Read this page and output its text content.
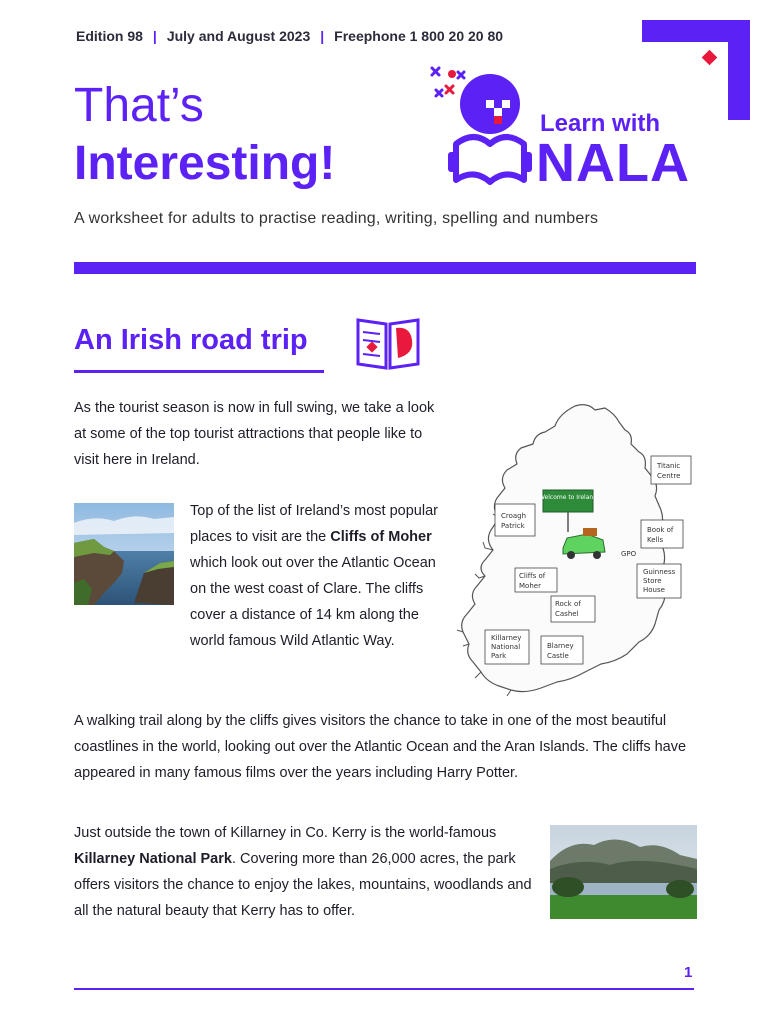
Edition 98 | July and August 2023 | Freephone 1 800 20 20 80
That’s
Interesting!
Learn with
NALA
A worksheet for adults to practise reading, writing, spelling and numbers
An Irish road trip
As the tourist season is now in full swing, we take a look at some of the top tourist attractions that people like to visit here in Ireland.
Top of the list of Ireland’s most popular places to visit are the Cliffs of Moher which look out over the Atlantic Ocean on the west coast of Clare. The cliffs cover a distance of 14 km along the world famous Wild Atlantic Way.
Welcome to Ireland
Titanic
Centre
Croagh
Patrick	Book of
Kells
GPO
Cliffs of
Moher
Guinness
Store
House
Rock of
Cashel
Killarney
National
Park
Blarney
Castle
A walking trail along by the cliffs gives visitors the chance to take in one of the most beautiful coastlines in the world, looking out over the Atlantic Ocean and the Aran Islands. The cliffs have appeared in many famous films over the years including Harry Potter.
Just outside the town of Killarney in Co. Kerry is the world-famous Killarney National Park. Covering more than 26,000 acres, the park offers visitors the chance to enjoy the lakes, mountains, woodlands and all the natural beauty that Kerry has to offer.
1
